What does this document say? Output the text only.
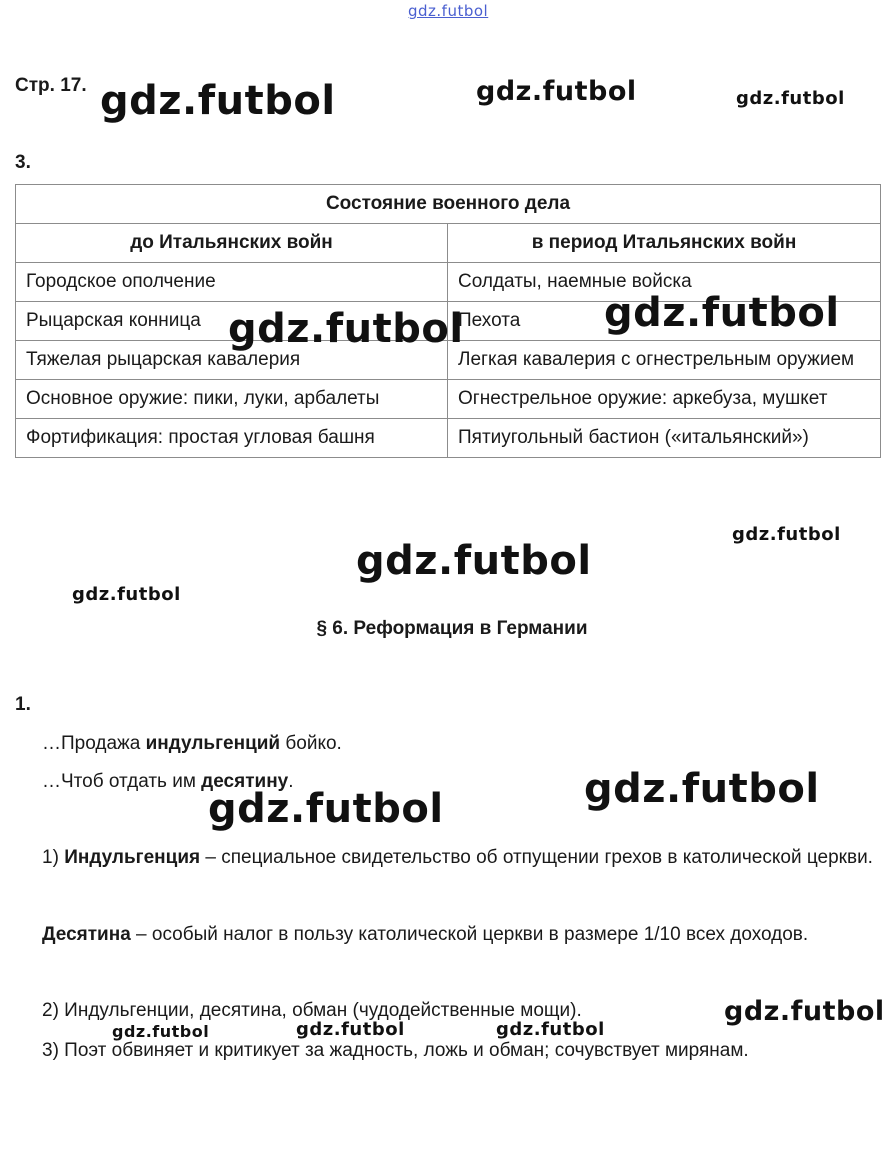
gdz.futbol
gdz.futbol	gdz.futbol	gdz.futbol
gdz.futbol	gdz.futbol
gdz.futbol
gdz.futbol
gdz.futbol
gdz.futbol
gdz.futbol
gdz.futbol
gdz.futbol	gdz.futbol	gdz.futbol
Стр. 17.
3.
Состояние военного дела	
до Итальянских войн	в период Итальянских войн
Городское ополчение	Солдаты, наемные войска
Рыцарская конница	Пехота
Тяжелая рыцарская кавалерия	Легкая кавалерия с огнестрельным оружием
Основное оружие: пики, луки, арбалеты	Огнестрельное оружие: аркебуза, мушкет
Фортификация: простая угловая башня	Пятиугольный бастион («итальянский»)
§ 6. Реформация в Германии
1.
…Продажа индульгенций бойко.
…Чтоб отдать им десятину.
1) Индульгенция – специальное свидетельство об отпущении грехов в католической церкви.
Десятина – особый налог в пользу католической церкви в размере 1/10 всех доходов.
2) Индульгенции, десятина, обман (чудодейственные мощи).
3) Поэт обвиняет и критикует за жадность, ложь и обман; сочувствует мирянам.
